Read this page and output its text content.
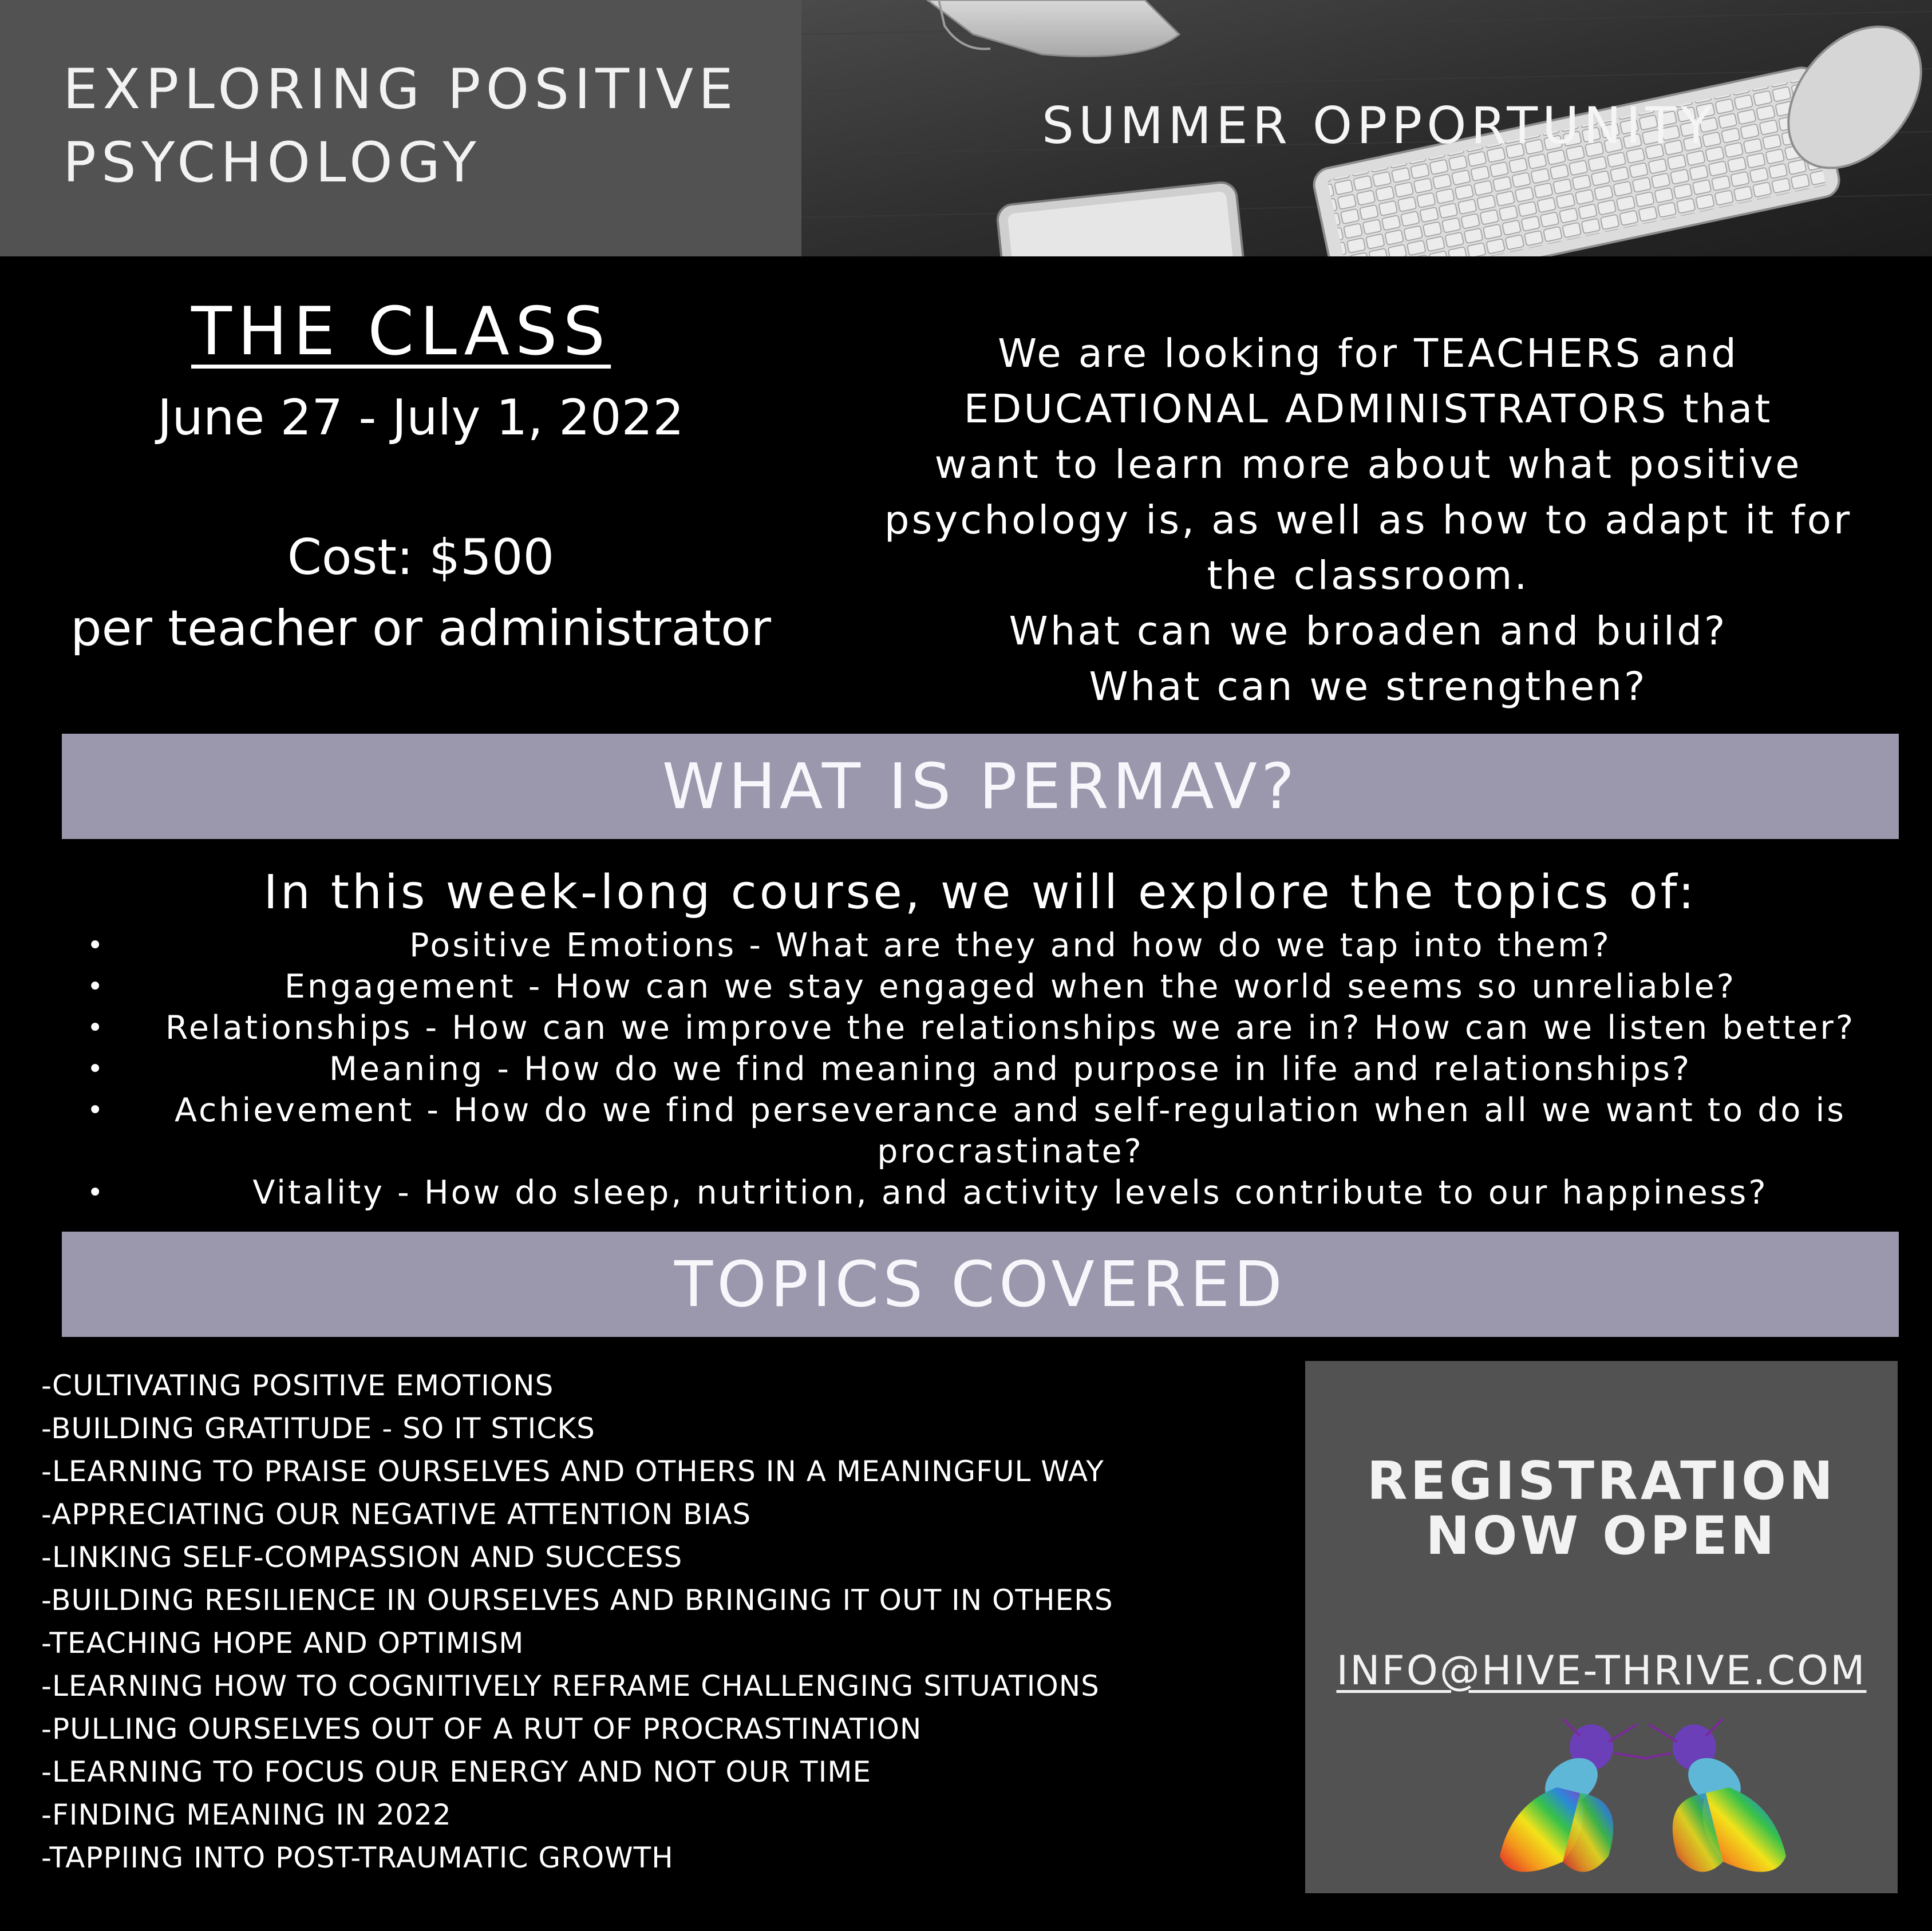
EXPLORING POSITIVE
PSYCHOLOGY
SUMMER OPPORTUNITY
THE CLASS
June 27 - July 1, 2022
Cost: $500
per teacher or administrator

We are looking for TEACHERS and
EDUCATIONAL ADMINISTRATORS that
want to learn more about what positive
psychology is, as well as how to adapt it for
the classroom.
What can we broaden and build?
What can we strengthen?

WHAT IS PERMAV?
In this week-long course, we will explore the topics of:
•	Positive Emotions - What are they and how do we tap into them?
•	Engagement - How can we stay engaged when the world seems so unreliable?
• Relationships - How can we improve the relationships we are in? How can we listen better?
•	Meaning - How do we find meaning and purpose in life and relationships?
•	Achievement - How do we find perseverance and self-regulation when all we want to do is procrastinate?
•	Vitality - How do sleep, nutrition, and activity levels contribute to our happiness?
TOPICS COVERED
-CULTIVATING POSITIVE EMOTIONS
-BUILDING GRATITUDE - SO IT STICKS
-LEARNING TO PRAISE OURSELVES AND OTHERS IN A MEANINGFUL WAY
-APPRECIATING OUR NEGATIVE ATTENTION BIAS
-LINKING SELF-COMPASSION AND SUCCESS
-BUILDING RESILIENCE IN OURSELVES AND BRINGING IT OUT IN OTHERS
-TEACHING HOPE AND OPTIMISM
-LEARNING HOW TO COGNITIVELY REFRAME CHALLENGING SITUATIONS
-PULLING OURSELVES OUT OF A RUT OF PROCRASTINATION
-LEARNING TO FOCUS OUR ENERGY AND NOT OUR TIME
-FINDING MEANING IN 2022
-TAPPIING INTO POST-TRAUMATIC GROWTH
REGISTRATION
NOW OPEN
INFO@HIVE-THRIVE.COM
